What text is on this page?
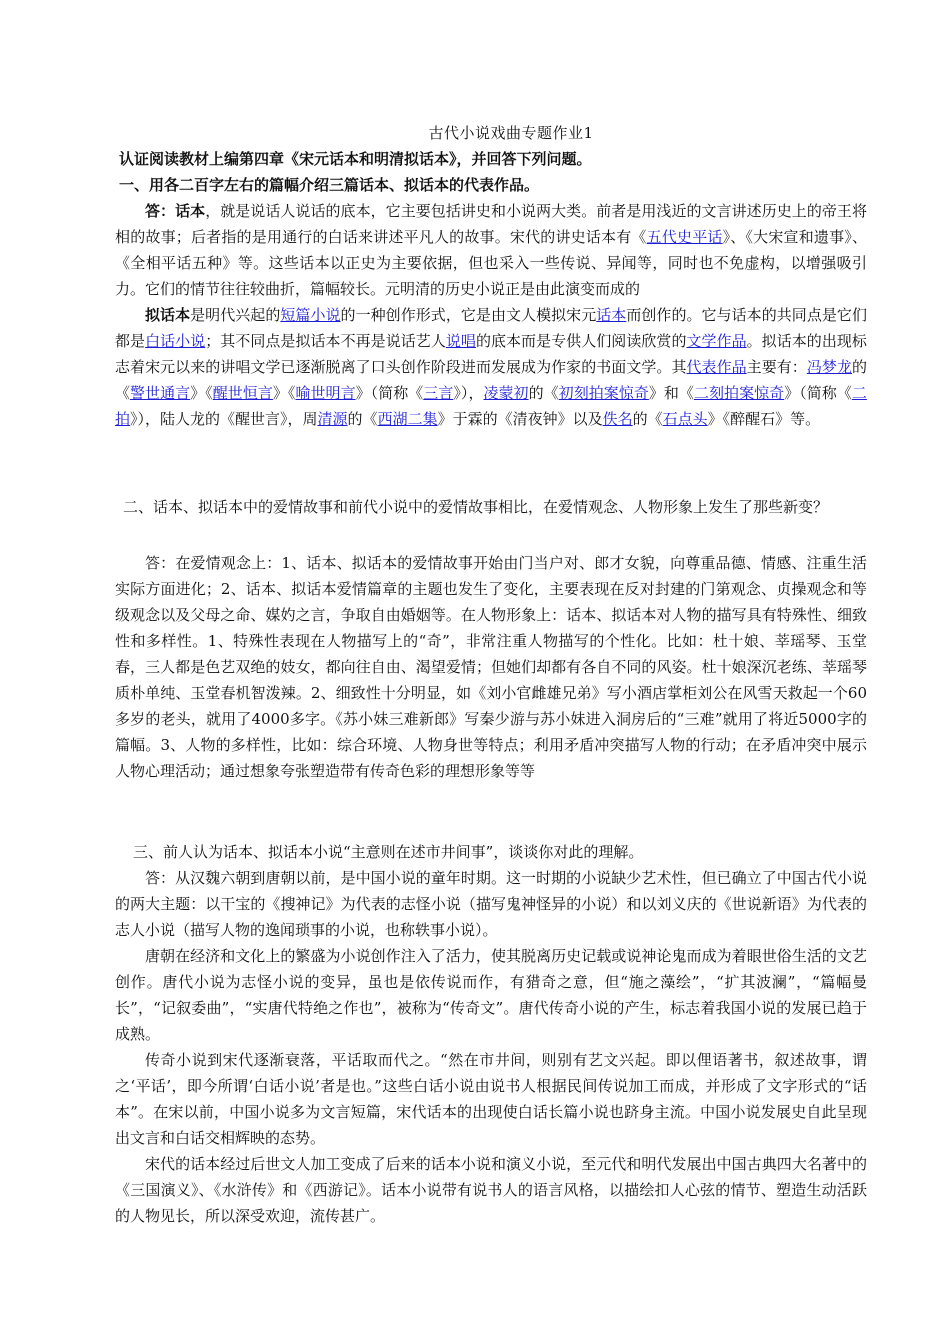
古代小说戏曲专题作业1
认证阅读教材上编第四章《宋元话本和明清拟话本》，并回答下列问题。
一、用各二百字左右的篇幅介绍三篇话本、拟话本的代表作品。

答：话本，就是说话人说话的底本，它主要包括讲史和小说两大类。前者是用浅近的文言讲述历史上的帝王将相的故事；后者指的是用通行的白话来讲述平凡人的故事。宋代的讲史话本有《五代史平话》、《大宋宣和遗事》、《全相平话五种》等。这些话本以正史为主要依据，但也采入一些传说、异闻等，同时也不免虚构，以增强吸引力。它们的情节往往较曲折，篇幅较长。元明清的历史小说正是由此演变而成的

拟话本是明代兴起的短篇小说的一种创作形式，它是由文人模拟宋元话本而创作的。它与话本的共同点是它们都是白话小说；其不同点是拟话本不再是说话艺人说唱的底本而是专供人们阅读欣赏的文学作品。拟话本的出现标志着宋元以来的讲唱文学已逐渐脱离了口头创作阶段进而发展成为作家的书面文学。其代表作品主要有：冯梦龙的《警世通言》《醒世恒言》《喻世明言》（简称《三言》），凌蒙初的《初刻拍案惊奇》和《二刻拍案惊奇》（简称《二拍》），陆人龙的《醒世言》，周清源的《西湖二集》于霖的《清夜钟》以及佚名的《石点头》《醉醒石》等。

二、话本、拟话本中的爱情故事和前代小说中的爱情故事相比，在爱情观念、人物形象上发生了那些新变？

答：在爱情观念上：1、话本、拟话本的爱情故事开始由门当户对、郎才女貌，向尊重品德、情感、注重生活实际方面进化；2、话本、拟话本爱情篇章的主题也发生了变化，主要表现在反对封建的门第观念、贞操观念和等级观念以及父母之命、媒妁之言，争取自由婚姻等。在人物形象上：话本、拟话本对人物的描写具有特殊性、细致性和多样性。1、特殊性表现在人物描写上的“奇”，非常注重人物描写的个性化。比如：杜十娘、莘瑶琴、玉堂春，三人都是色艺双绝的妓女，都向往自由、渴望爱情；但她们却都有各自不同的风姿。杜十娘深沉老练、莘瑶琴质朴单纯、玉堂春机智泼辣。2、细致性十分明显，如《刘小官雌雄兄弟》写小酒店掌柜刘公在风雪天救起一个60多岁的老头，就用了4000多字。《苏小妹三难新郎》写秦少游与苏小妹进入洞房后的“三难”就用了将近5000字的篇幅。3、人物的多样性，比如：综合环境、人物身世等特点；利用矛盾冲突描写人物的行动；在矛盾冲突中展示人物心理活动；通过想象夸张塑造带有传奇色彩的理想形象等等

三、前人认为话本、拟话本小说“主意则在述市井间事”，谈谈你对此的理解。

答：从汉魏六朝到唐朝以前，是中国小说的童年时期。这一时期的小说缺少艺术性，但已确立了中国古代小说的两大主题：以干宝的《搜神记》为代表的志怪小说（描写鬼神怪异的小说）和以刘义庆的《世说新语》为代表的志人小说（描写人物的逸闻琐事的小说，也称轶事小说）。

唐朝在经济和文化上的繁盛为小说创作注入了活力，使其脱离历史记载或说神论鬼而成为着眼世俗生活的文艺创作。唐代小说为志怪小说的变异，虽也是依传说而作，有猎奇之意，但“施之藻绘”，“扩其波澜”，“篇幅曼长”，“记叙委曲”，“实唐代特绝之作也”，被称为“传奇文”。唐代传奇小说的产生，标志着我国小说的发展已趋于成熟。

传奇小说到宋代逐渐衰落，平话取而代之。“然在市井间，则别有艺文兴起。即以俚语著书，叙述故事，谓之‘平话’，即今所谓‘白话小说’者是也。”这些白话小说由说书人根据民间传说加工而成，并形成了文字形式的“话本”。在宋以前，中国小说多为文言短篇，宋代话本的出现使白话长篇小说也跻身主流。中国小说发展史自此呈现出文言和白话交相辉映的态势。

宋代的话本经过后世文人加工变成了后来的话本小说和演义小说，至元代和明代发展出中国古典四大名著中的《三国演义》、《水浒传》和《西游记》。话本小说带有说书人的语言风格，以描绘扣人心弦的情节、塑造生动活跃的人物见长，所以深受欢迎，流传甚广。
